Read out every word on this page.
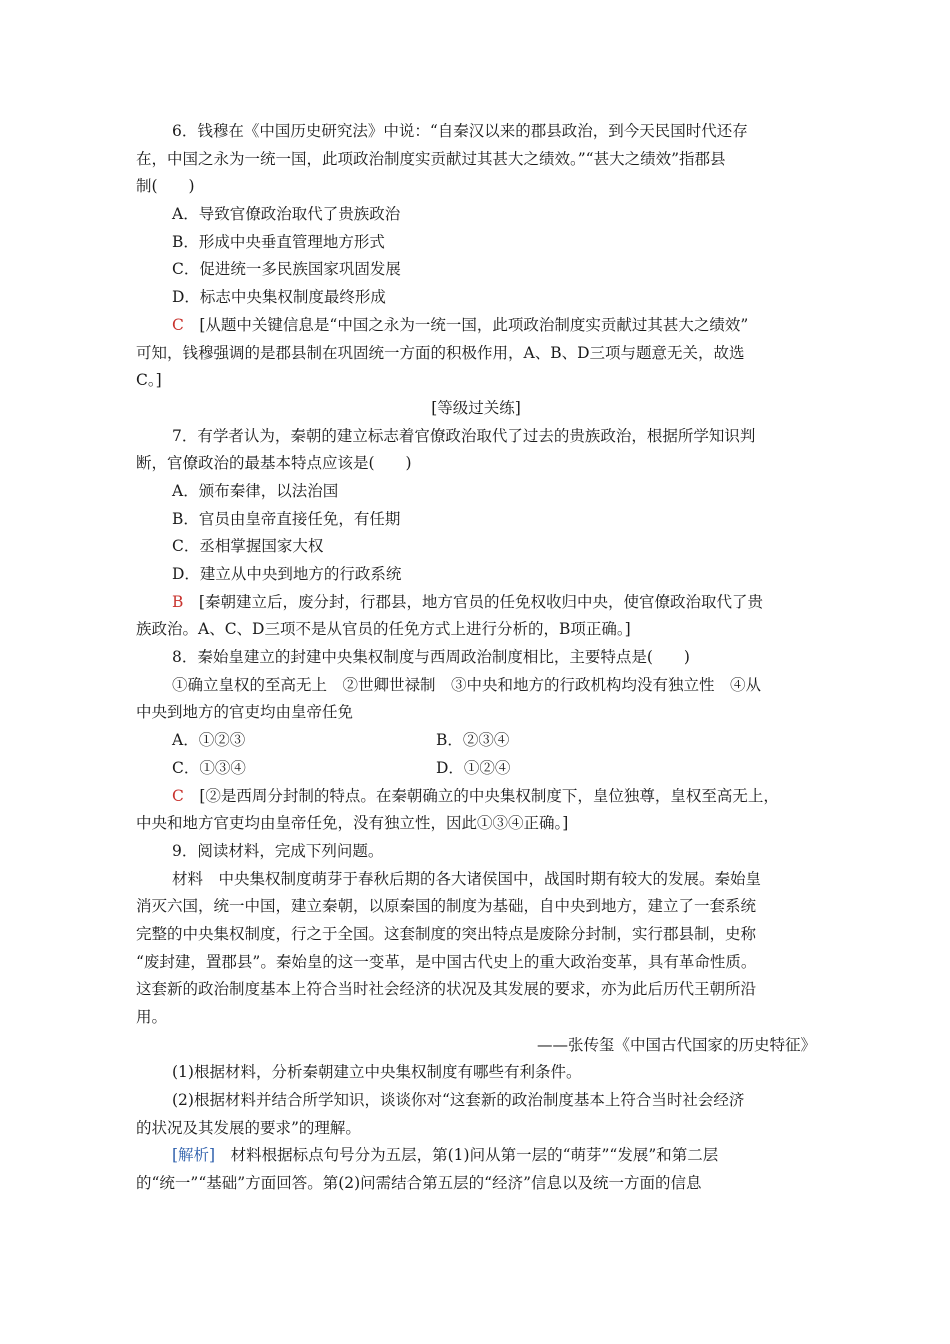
6．钱穆在《中国历史研究法》中说：“自秦汉以来的郡县政治，到今天民国时代还存
在，中国之永为一统一国，此项政治制度实贡献过其甚大之绩效。”“甚大之绩效”指郡县
制(　　)
A．导致官僚政治取代了贵族政治
B．形成中央垂直管理地方形式
C．促进统一多民族国家巩固发展
D．标志中央集权制度最终形成
C　[从题中关键信息是“中国之永为一统一国，此项政治制度实贡献过其甚大之绩效”
可知，钱穆强调的是郡县制在巩固统一方面的积极作用，A、B、D三项与题意无关，故选
C。]
[等级过关练]
7．有学者认为，秦朝的建立标志着官僚政治取代了过去的贵族政治，根据所学知识判
断，官僚政治的最基本特点应该是(　　)
A．颁布秦律，以法治国
B．官员由皇帝直接任免，有任期
C．丞相掌握国家大权
D．建立从中央到地方的行政系统
B　[秦朝建立后，废分封，行郡县，地方官员的任免权收归中央，使官僚政治取代了贵
族政治。A、C、D三项不是从官员的任免方式上进行分析的，B项正确。]
8．秦始皇建立的封建中央集权制度与西周政治制度相比，主要特点是(　　)
①确立皇权的至高无上　②世卿世禄制　③中央和地方的行政机构均没有独立性　④从
中央到地方的官吏均由皇帝任免
A．①②③	B．②③④
C．①③④	D．①②④
C　[②是西周分封制的特点。在秦朝确立的中央集权制度下，皇位独尊，皇权至高无上，
中央和地方官吏均由皇帝任免，没有独立性，因此①③④正确。]
9．阅读材料，完成下列问题。
材料　中央集权制度萌芽于春秋后期的各大诸侯国中，战国时期有较大的发展。秦始皇
消灭六国，统一中国，建立秦朝，以原秦国的制度为基础，自中央到地方，建立了一套系统
完整的中央集权制度，行之于全国。这套制度的突出特点是废除分封制，实行郡县制，史称
“废封建，置郡县”。秦始皇的这一变革，是中国古代史上的重大政治变革，具有革命性质。
这套新的政治制度基本上符合当时社会经济的状况及其发展的要求，亦为此后历代王朝所沿
用。
——张传玺《中国古代国家的历史特征》
(1)根据材料，分析秦朝建立中央集权制度有哪些有利条件。
(2)根据材料并结合所学知识，谈谈你对“这套新的政治制度基本上符合当时社会经济
的状况及其发展的要求”的理解。
[解析]　材料根据标点句号分为五层，第(1)问从第一层的“萌芽”“发展”和第二层
的“统一”“基础”方面回答。第(2)问需结合第五层的“经济”信息以及统一方面的信息
